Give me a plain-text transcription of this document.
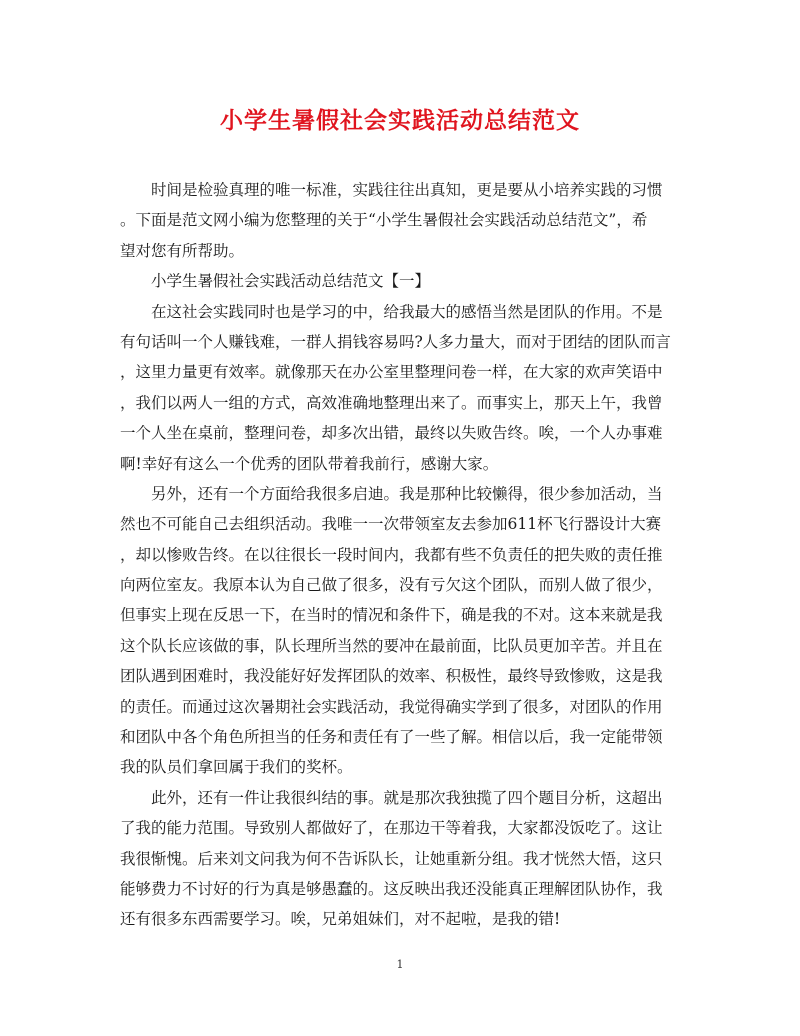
小学生暑假社会实践活动总结范文
　　时间是检验真理的唯一标准，实践往往出真知，更是要从小培养实践的习惯
。下面是范文网小编为您整理的关于“小学生暑假社会实践活动总结范文”，希
望对您有所帮助。
　　小学生暑假社会实践活动总结范文【一】
　　在这社会实践同时也是学习的中，给我最大的感悟当然是团队的作用。不是
有句话叫一个人赚钱难，一群人捐钱容易吗?人多力量大，而对于团结的团队而言
，这里力量更有效率。就像那天在办公室里整理问卷一样，在大家的欢声笑语中
，我们以两人一组的方式，高效准确地整理出来了。而事实上，那天上午，我曾
一个人坐在桌前，整理问卷，却多次出错，最终以失败告终。唉，一个人办事难
啊!幸好有这么一个优秀的团队带着我前行，感谢大家。
　　另外，还有一个方面给我很多启迪。我是那种比较懒得，很少参加活动，当
然也不可能自己去组织活动。我唯一一次带领室友去参加611杯飞行器设计大赛
，却以惨败告终。在以往很长一段时间内，我都有些不负责任的把失败的责任推
向两位室友。我原本认为自己做了很多，没有亏欠这个团队，而别人做了很少，
但事实上现在反思一下，在当时的情况和条件下，确是我的不对。这本来就是我
这个队长应该做的事，队长理所当然的要冲在最前面，比队员更加辛苦。并且在
团队遇到困难时，我没能好好发挥团队的效率、积极性，最终导致惨败，这是我
的责任。而通过这次暑期社会实践活动，我觉得确实学到了很多，对团队的作用
和团队中各个角色所担当的任务和责任有了一些了解。相信以后，我一定能带领
我的队员们拿回属于我们的奖杯。
　　此外，还有一件让我很纠结的事。就是那次我独揽了四个题目分析，这超出
了我的能力范围。导致别人都做好了，在那边干等着我，大家都没饭吃了。这让
我很惭愧。后来刘文问我为何不告诉队长，让她重新分组。我才恍然大悟，这只
能够费力不讨好的行为真是够愚蠢的。这反映出我还没能真正理解团队协作，我
还有很多东西需要学习。唉，兄弟姐妹们，对不起啦，是我的错!
1
